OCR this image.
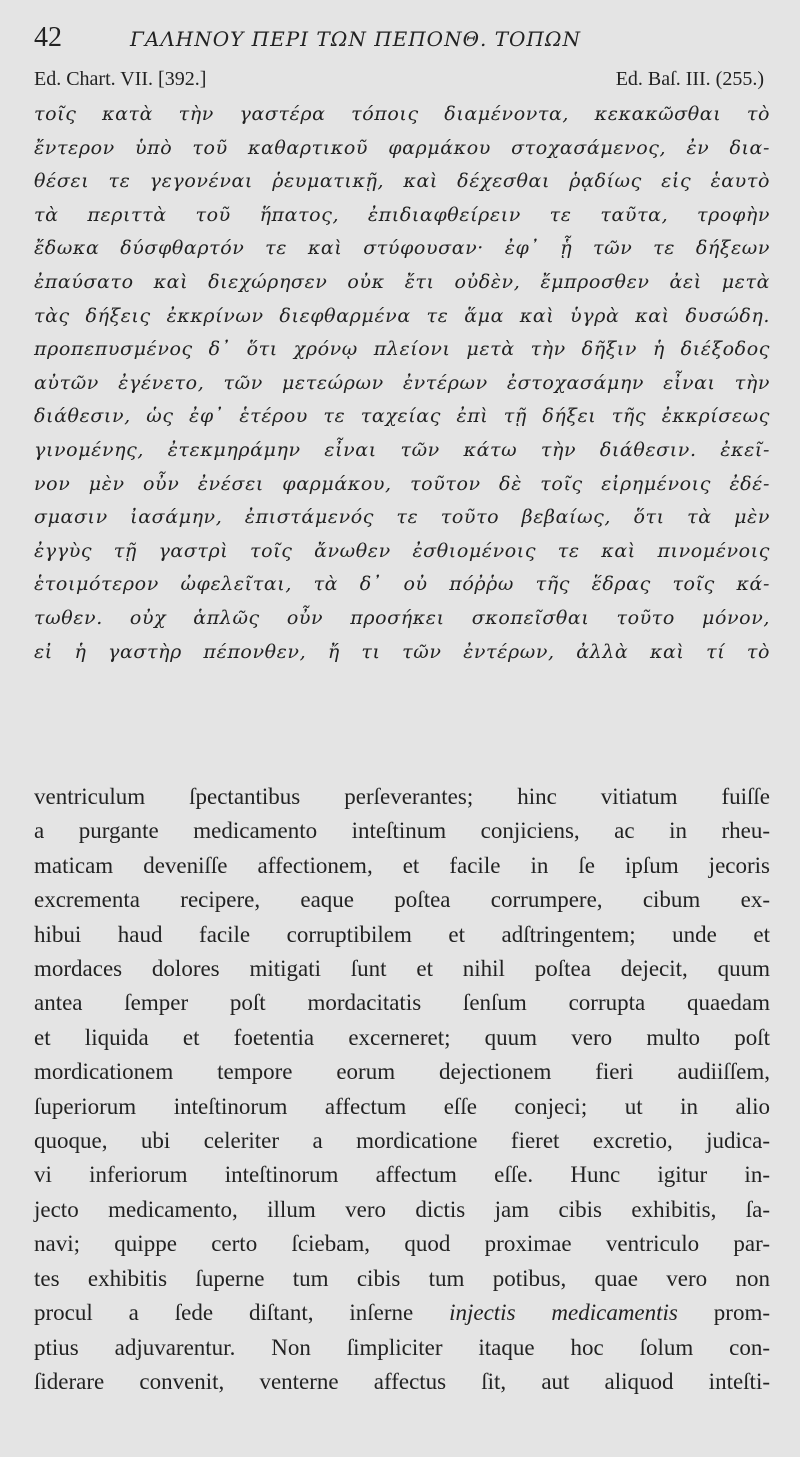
42	ΓΑΛΗΝΟΥ ΠΕΡΙ ΤΩΝ ΠΕΠΟΝΘ. ΤΟΠΩΝ
Ed. Chart. VII. [392.]	Ed. Baſ. III. (255.)
τοῖς κατὰ τὴν γαστέρα τόποις διαμένοντα, κεκακῶσθαι τὸ
ἔντερον ὑπὸ τοῦ καθαρτικοῦ φαρμάκου στοχασάμενος, ἐν δια-
θέσει τε γεγονέναι ῥευματικῇ, καὶ δέχεσθαι ῥᾳδίως εἰς ἑαυτὸ
τὰ περιττὰ τοῦ ἥπατος, ἐπιδιαφθείρειν τε ταῦτα, τροφὴν
ἔδωκα δύσφθαρτόν τε καὶ στύφουσαν· ἐφ᾽ ᾗ τῶν τε δήξεων
ἐπαύσατο καὶ διεχώρησεν οὐκ ἔτι οὐδὲν, ἔμπροσθεν ἀεὶ μετὰ
τὰς δήξεις ἐκκρίνων διεφθαρμένα τε ἅμα καὶ ὑγρὰ καὶ δυσώδη.
προπεπυσμένος δ᾽ ὅτι χρόνῳ πλείονι μετὰ τὴν δῆξιν ἡ διέξοδος
αὐτῶν ἐγένετο, τῶν μετεώρων ἐντέρων ἐστοχασάμην εἶναι τὴν
διάθεσιν, ὡς ἐφ᾽ ἑτέρου τε ταχείας ἐπὶ τῇ δήξει τῆς ἐκκρίσεως
γινομένης, ἐτεκμηράμην εἶναι τῶν κάτω τὴν διάθεσιν. ἐκεῖ-
νον μὲν οὖν ἐνέσει φαρμάκου, τοῦτον δὲ τοῖς εἰρημένοις ἐδέ-
σμασιν ἰασάμην, ἐπιστάμενός τε τοῦτο βεβαίως, ὅτι τὰ μὲν
ἐγγὺς τῇ γαστρὶ τοῖς ἄνωθεν ἐσθιομένοις τε καὶ πινομένοις
ἑτοιμότερον ὠφελεῖται, τὰ δ᾽ οὐ πόῤῥω τῆς ἕδρας τοῖς κά-
τωθεν. οὐχ ἁπλῶς οὖν προσήκει σκοπεῖσθαι τοῦτο μόνον,
εἰ ἡ γαστὴρ πέπονθεν, ἤ τι τῶν ἐντέρων, ἀλλὰ καὶ τί τὸ
ventriculum ſpectantibus perſeverantes; hinc vitiatum fuiſſe
a purgante medicamento inteſtinum conjiciens, ac in rheu-
maticam deveniſſe affectionem, et facile in ſe ipſum jecoris
excrementa recipere, eaque poſtea corrumpere, cibum ex-
hibui haud facile corruptibilem et adſtringentem; unde et
mordaces dolores mitigati ſunt et nihil poſtea dejecit, quum
antea ſemper poſt mordacitatis ſenſum corrupta quaedam
et liquida et foetentia excerneret; quum vero multo poſt
mordicationem tempore eorum dejectionem fieri audiiſſem,
ſuperiorum inteſtinorum affectum eſſe conjeci; ut in alio
quoque, ubi celeriter a mordicatione fieret excretio, judica-
vi inferiorum inteſtinorum affectum eſſe. Hunc igitur in-
jecto medicamento, illum vero dictis jam cibis exhibitis, ſa-
navi; quippe certo ſciebam, quod proximae ventriculo par-
tes exhibitis ſuperne tum cibis tum potibus, quae vero non
procul a ſede diſtant, inſerne injectis medicamentis prom-
ptius adjuvarentur. Non ſimpliciter itaque hoc ſolum con-
ſiderare convenit, venterne affectus ſit, aut aliquod inteſti-
